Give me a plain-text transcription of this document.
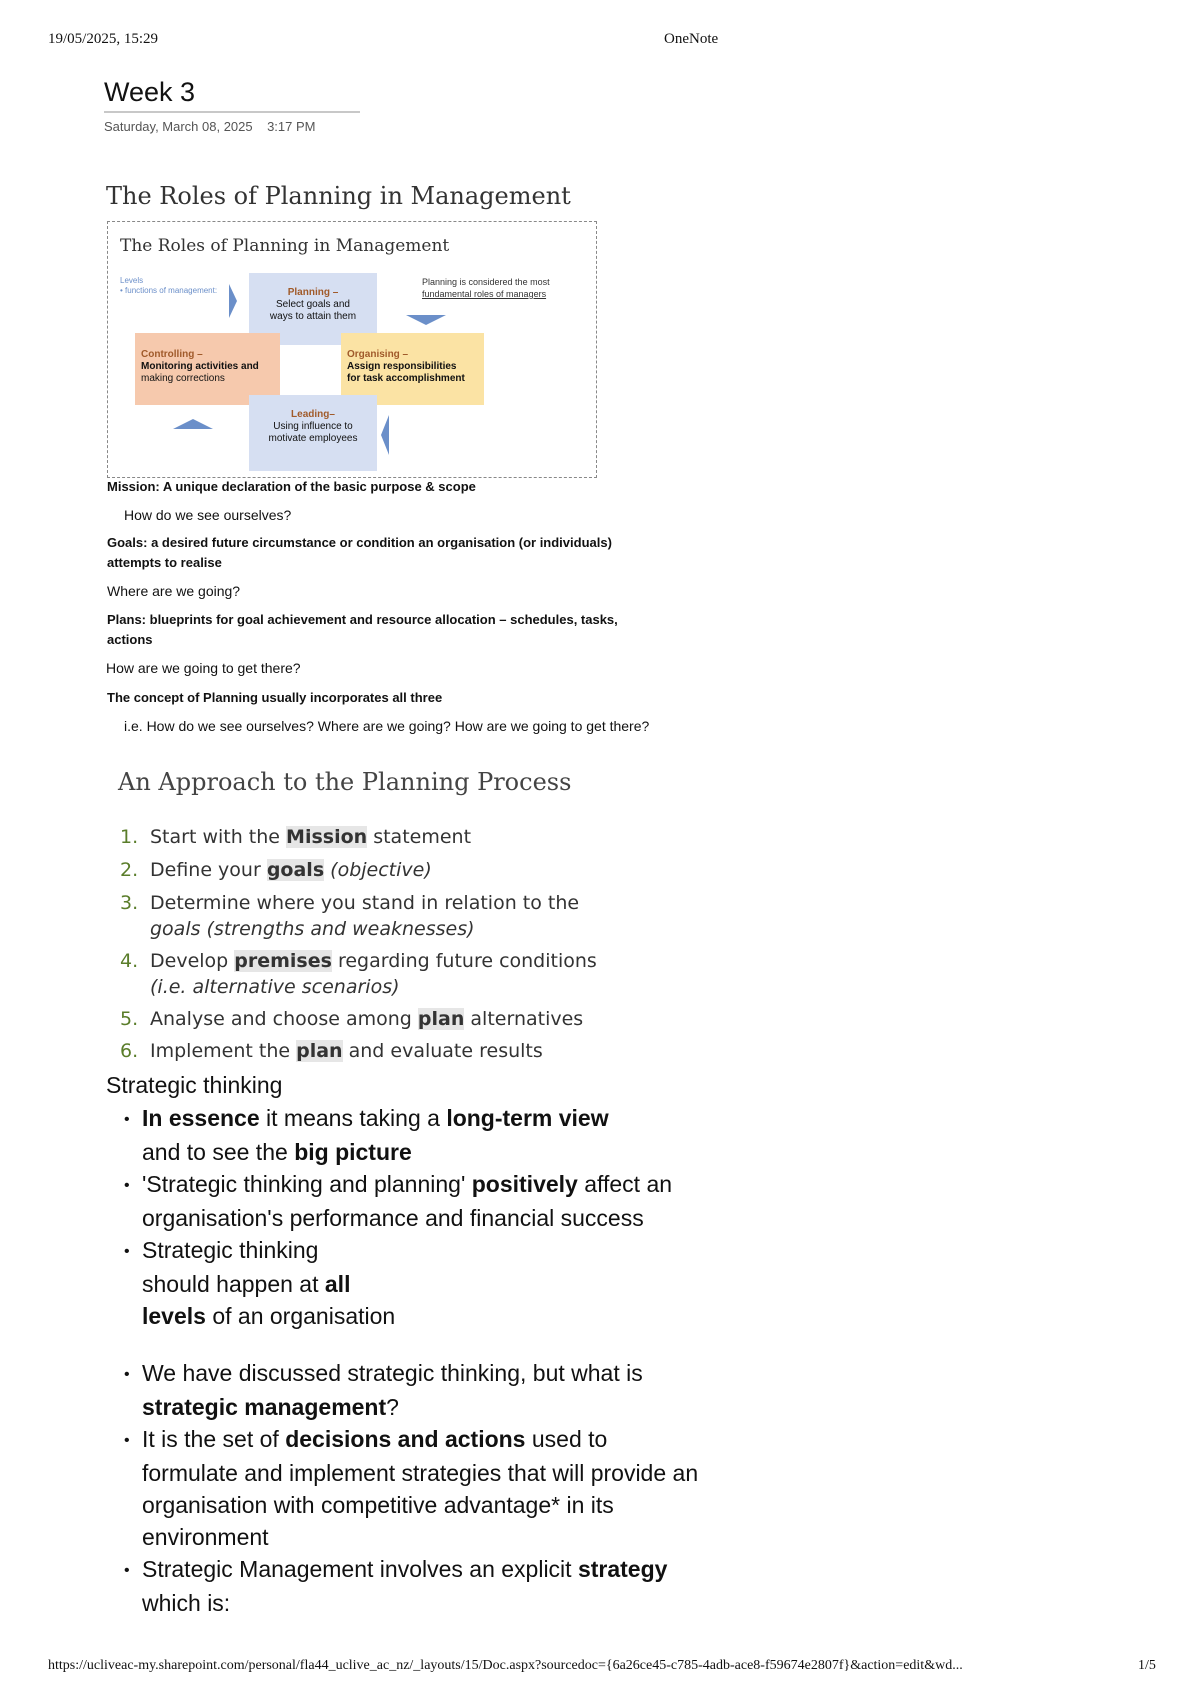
19/05/2025, 15:29	OneNote
Week 3
Saturday, March 08, 2025 3:17 PM
The Roles of Planning in Management
The Roles of Planning in Management
Levels
• functions of management:
Planning is considered the most
fundamental roles of managers
Planning –
Select goals and
ways to attain them
Organising –
Assign responsibilities
for task accomplishment
Controlling –
Monitoring activities and
making corrections
Leading–
Using influence to
motivate employees
Mission: A unique declaration of the basic purpose & scope
How do we see ourselves?
Goals: a desired future circumstance or condition an organisation (or individuals)
attempts to realise
Where are we going?
Plans: blueprints for goal achievement and resource allocation – schedules, tasks,
actions
How are we going to get there?
The concept of Planning usually incorporates all three
i.e. How do we see ourselves? Where are we going? How are we going to get there?
An Approach to the Planning Process
1. Start with the Mission statement
2. Define your goals (objective)
3. Determine where you stand in relation to the
goals (strengths and weaknesses)
4. Develop premises regarding future conditions
(i.e. alternative scenarios)
5. Analyse and choose among plan alternatives
6. Implement the plan and evaluate results
Strategic thinking
• In essence it means taking a long-term view
and to see the big picture
• 'Strategic thinking and planning' positively affect an
organisation's performance and financial success
• Strategic thinking
should happen at all
levels of an organisation
• We have discussed strategic thinking, but what is
strategic management?
• It is the set of decisions and actions used to
formulate and implement strategies that will provide an
organisation with competitive advantage* in its
environment
• Strategic Management involves an explicit strategy
which is:
https://ucliveac-my.sharepoint.com/personal/fla44_uclive_ac_nz/_layouts/15/Doc.aspx?sourcedoc={6a26ce45-c785-4adb-ace8-f59674e2807f}&action=edit&wd...	1/5
